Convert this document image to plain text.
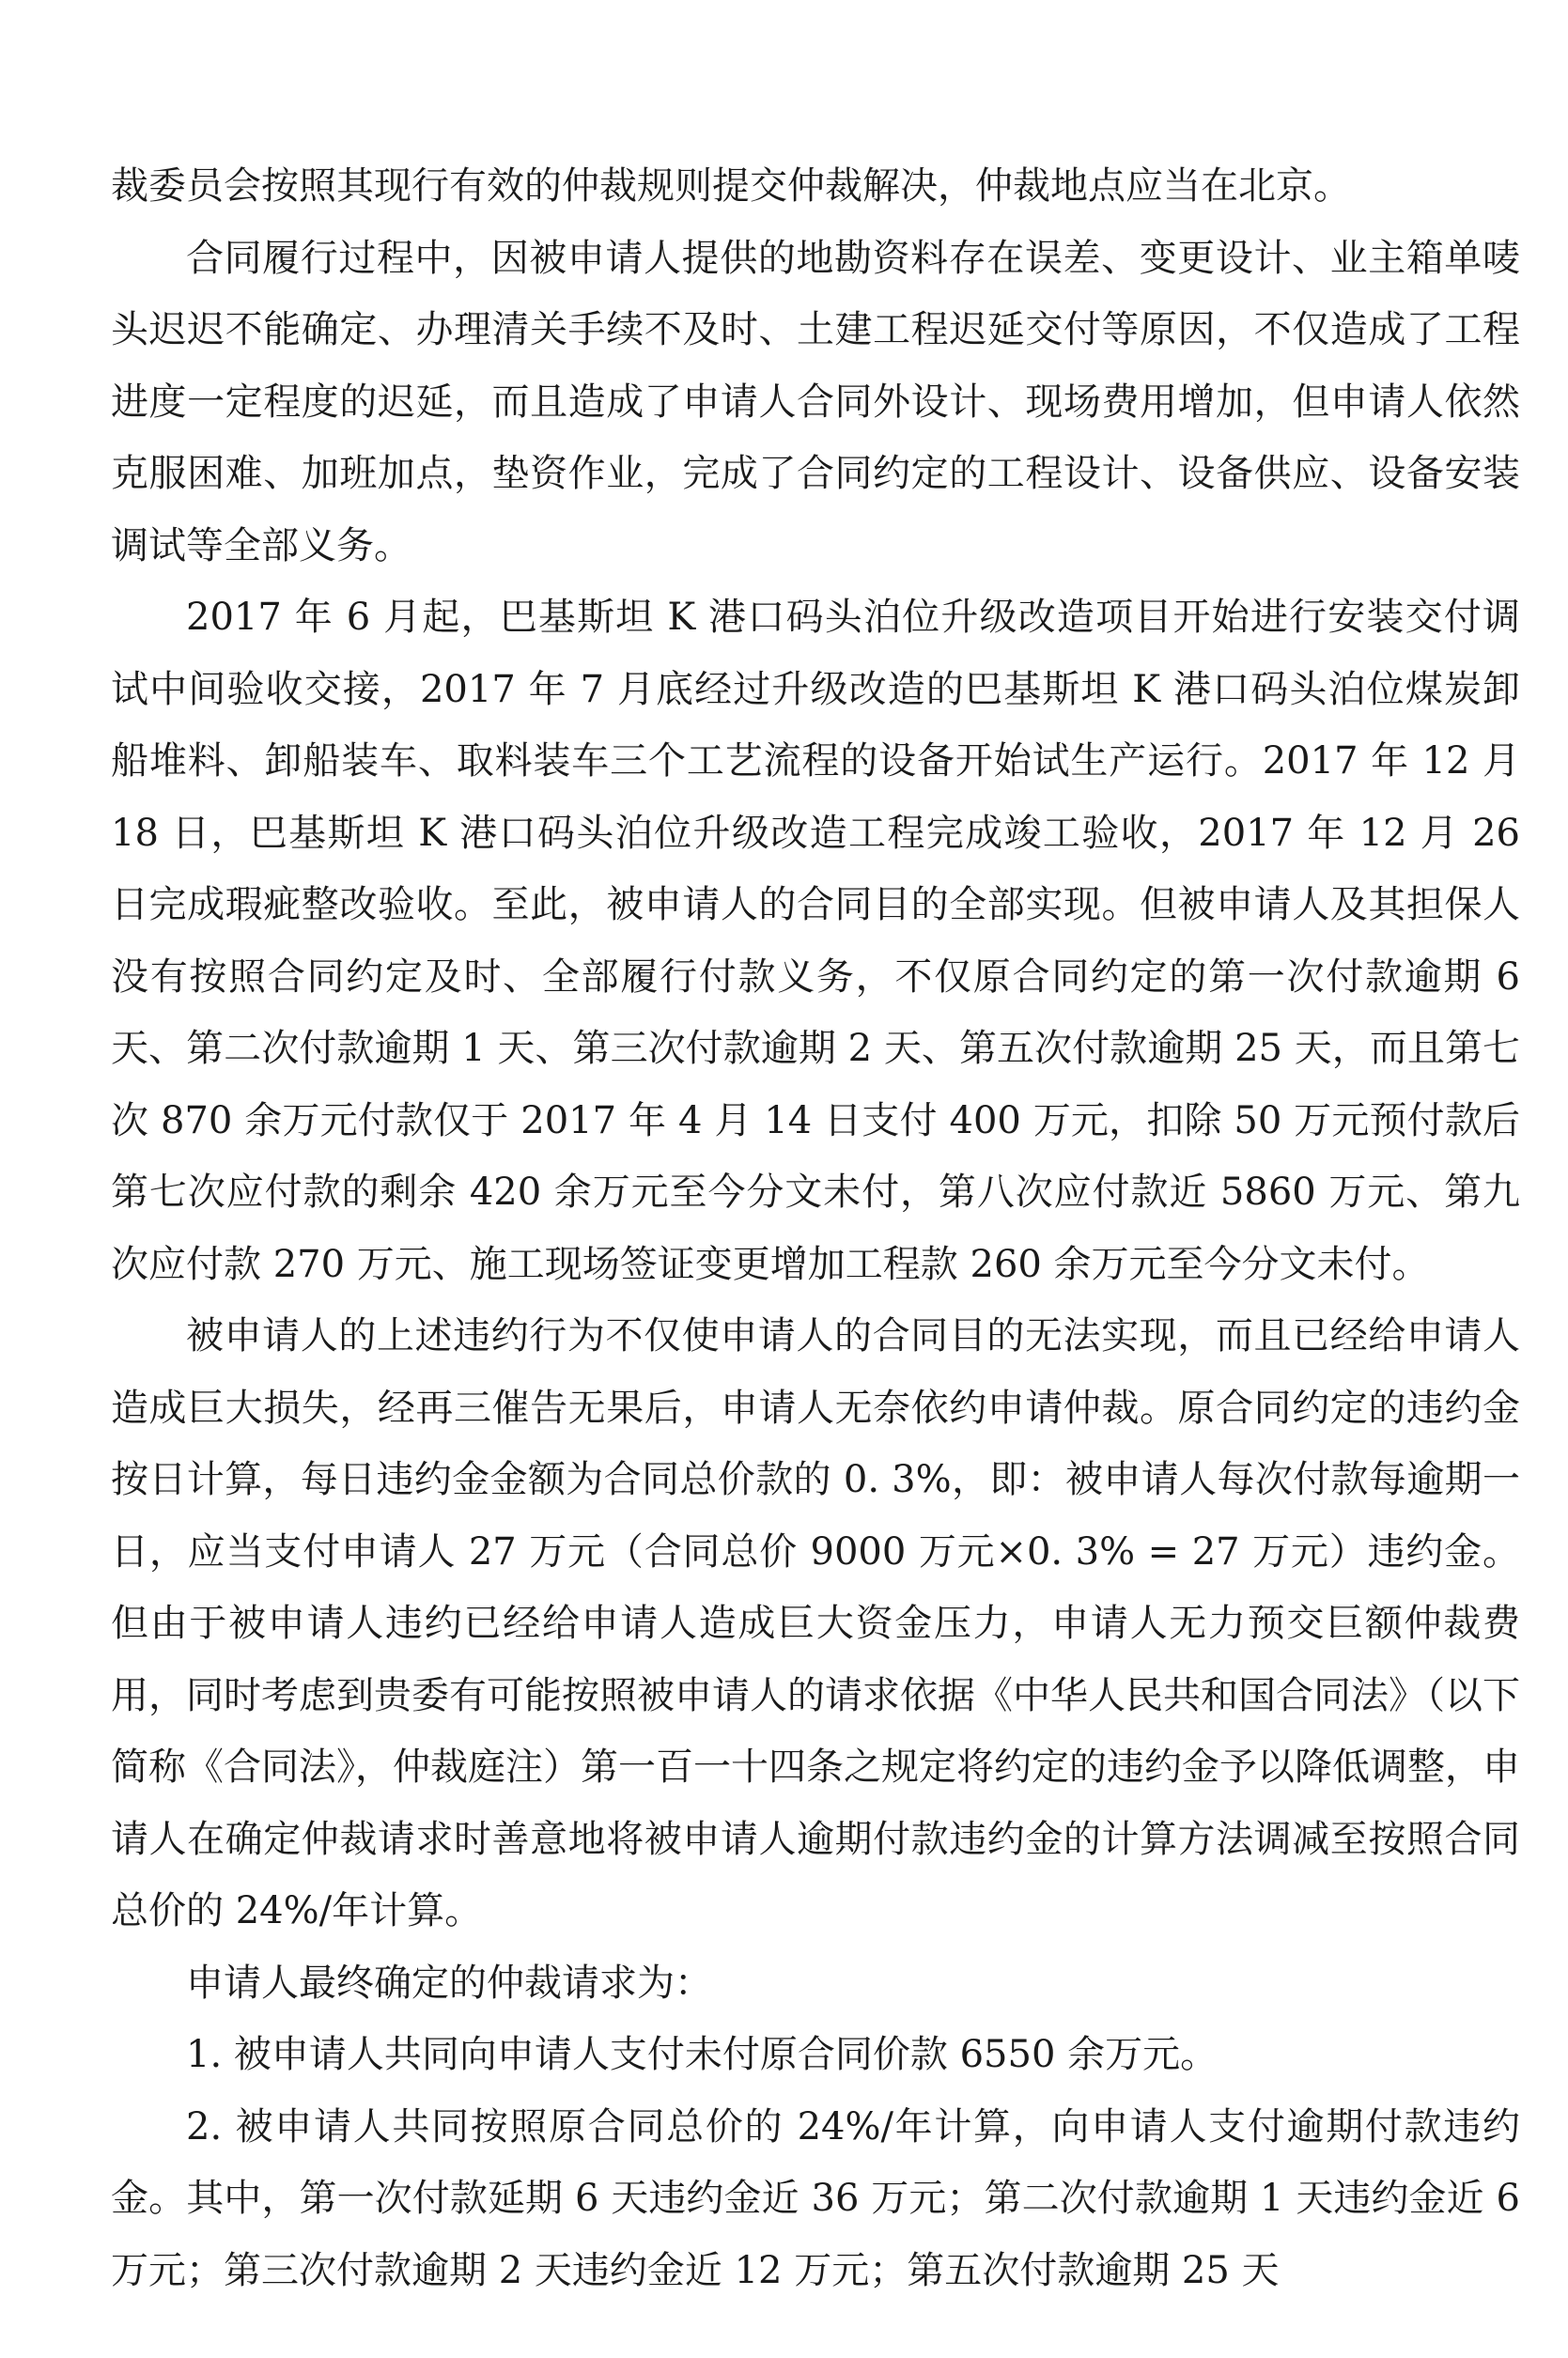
裁委员会按照其现行有效的仲裁规则提交仲裁解决，仲裁地点应当在北京。

合同履行过程中，因被申请人提供的地勘资料存在误差、变更设计、业主箱单唛头迟迟不能确定、办理清关手续不及时、土建工程迟延交付等原因，不仅造成了工程进度一定程度的迟延，而且造成了申请人合同外设计、现场费用增加，但申请人依然克服困难、加班加点，垫资作业，完成了合同约定的工程设计、设备供应、设备安装调试等全部义务。

2017 年 6 月起，巴基斯坦 K 港口码头泊位升级改造项目开始进行安装交付调试中间验收交接，2017 年 7 月底经过升级改造的巴基斯坦 K 港口码头泊位煤炭卸船堆料、卸船装车、取料装车三个工艺流程的设备开始试生产运行。2017 年 12 月 18 日，巴基斯坦 K 港口码头泊位升级改造工程完成竣工验收，2017 年 12 月 26 日完成瑕疵整改验收。至此，被申请人的合同目的全部实现。但被申请人及其担保人没有按照合同约定及时、全部履行付款义务，不仅原合同约定的第一次付款逾期 6 天、第二次付款逾期 1 天、第三次付款逾期 2 天、第五次付款逾期 25 天，而且第七次 870 余万元付款仅于 2017 年 4 月 14 日支付 400 万元，扣除 50 万元预付款后第七次应付款的剩余 420 余万元至今分文未付，第八次应付款近 5860 万元、第九次应付款 270 万元、施工现场签证变更增加工程款 260 余万元至今分文未付。

被申请人的上述违约行为不仅使申请人的合同目的无法实现，而且已经给申请人造成巨大损失，经再三催告无果后，申请人无奈依约申请仲裁。原合同约定的违约金按日计算，每日违约金金额为合同总价款的 0. 3%，即：被申请人每次付款每逾期一日，应当支付申请人 27 万元（合同总价 9000 万元×0. 3% = 27 万元）违约金。但由于被申请人违约已经给申请人造成巨大资金压力，申请人无力预交巨额仲裁费用，同时考虑到贵委有可能按照被申请人的请求依据《中华人民共和国合同法》（以下简称《合同法》，仲裁庭注）第一百一十四条之规定将约定的违约金予以降低调整，申请人在确定仲裁请求时善意地将被申请人逾期付款违约金的计算方法调减至按照合同总价的 24%/年计算。

申请人最终确定的仲裁请求为：

1. 被申请人共同向申请人支付未付原合同价款 6550 余万元。

2. 被申请人共同按照原合同总价的 24%/年计算，向申请人支付逾期付款违约金。其中，第一次付款延期 6 天违约金近 36 万元；第二次付款逾期 1 天违约金近 6 万元；第三次付款逾期 2 天违约金近 12 万元；第五次付款逾期 25 天
